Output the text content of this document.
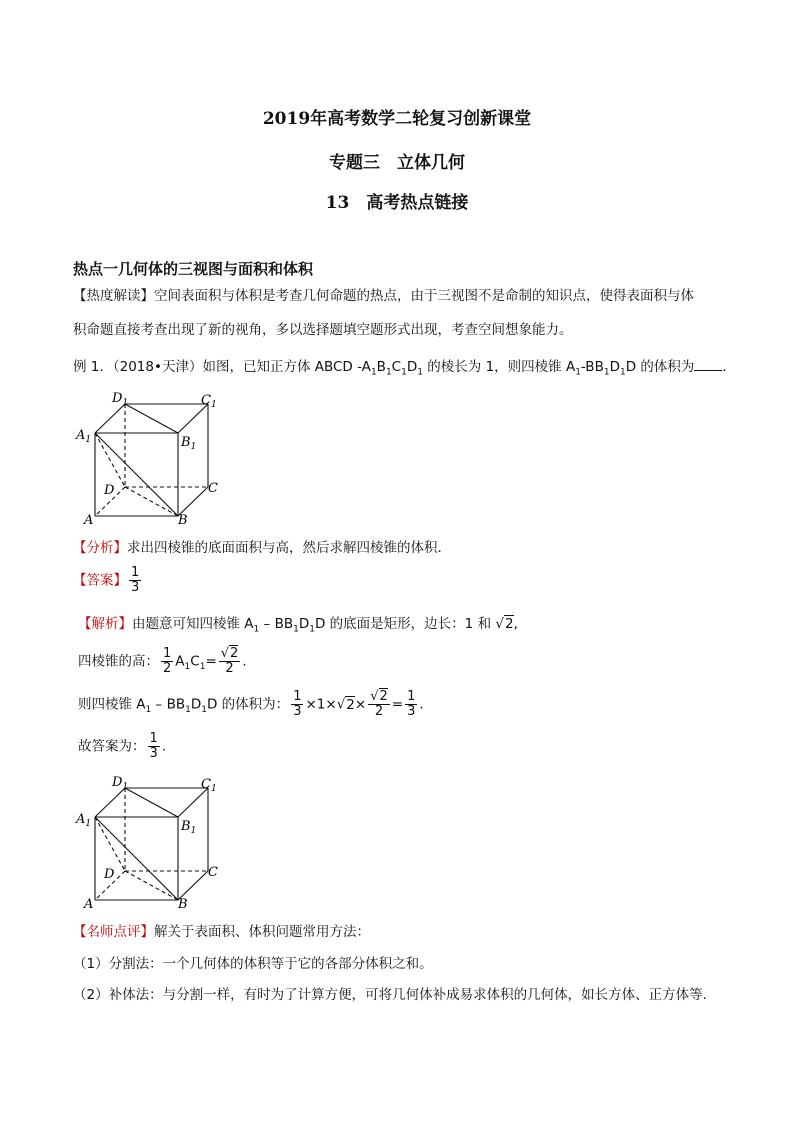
2019年高考数学二轮复习创新课堂
专题三　立体几何
13　高考热点链接
热点一几何体的三视图与面积和体积
【热度解读】空间表面积与体积是考查几何命题的热点，由于三视图不是命制的知识点，使得表面积与体
积命题直接考查出现了新的视角，多以选择题填空题形式出现，考查空间想象能力。
例 1．（2018•天津）如图，已知正方体 ABCD $-A_1B_1C_1D_1$ 的棱长为 1，则四棱锥 $A_1-BB_1D_1D$ 的体积为 ．
$D_1$	$C_1$
$A_1$	$B_1$
D	C
A	B
【分析】求出四棱锥的底面面积与高，然后求解四棱锥的体积．
【答案】 $\frac{1}{3}$
【解析】由题意可知四棱锥 $A_1 - BB_1D_1D$ 的底面是矩形，边长：1 和 √2,
四棱锥的高： $\frac{1}{2} A_1C_1= \frac{√2}{2}$ .
则四棱锥 $A_1 - BB_1D_1D$ 的体积为： $\frac{1}{3} \times 1\times√2\times \frac{√2}{2} = \frac{1}{3}$ .
故答案为： $\frac{1}{3}$ .
$D_1$	$C_1$
$A_1$	$B_1$
D	C
A	B
【名师点评】解关于表面积、体积问题常用方法：
（1）分割法：一个几何体的体积等于它的各部分体积之和。
（2）补体法：与分割一样，有时为了计算方便，可将几何体补成易求体积的几何体，如长方体、正方体等.
